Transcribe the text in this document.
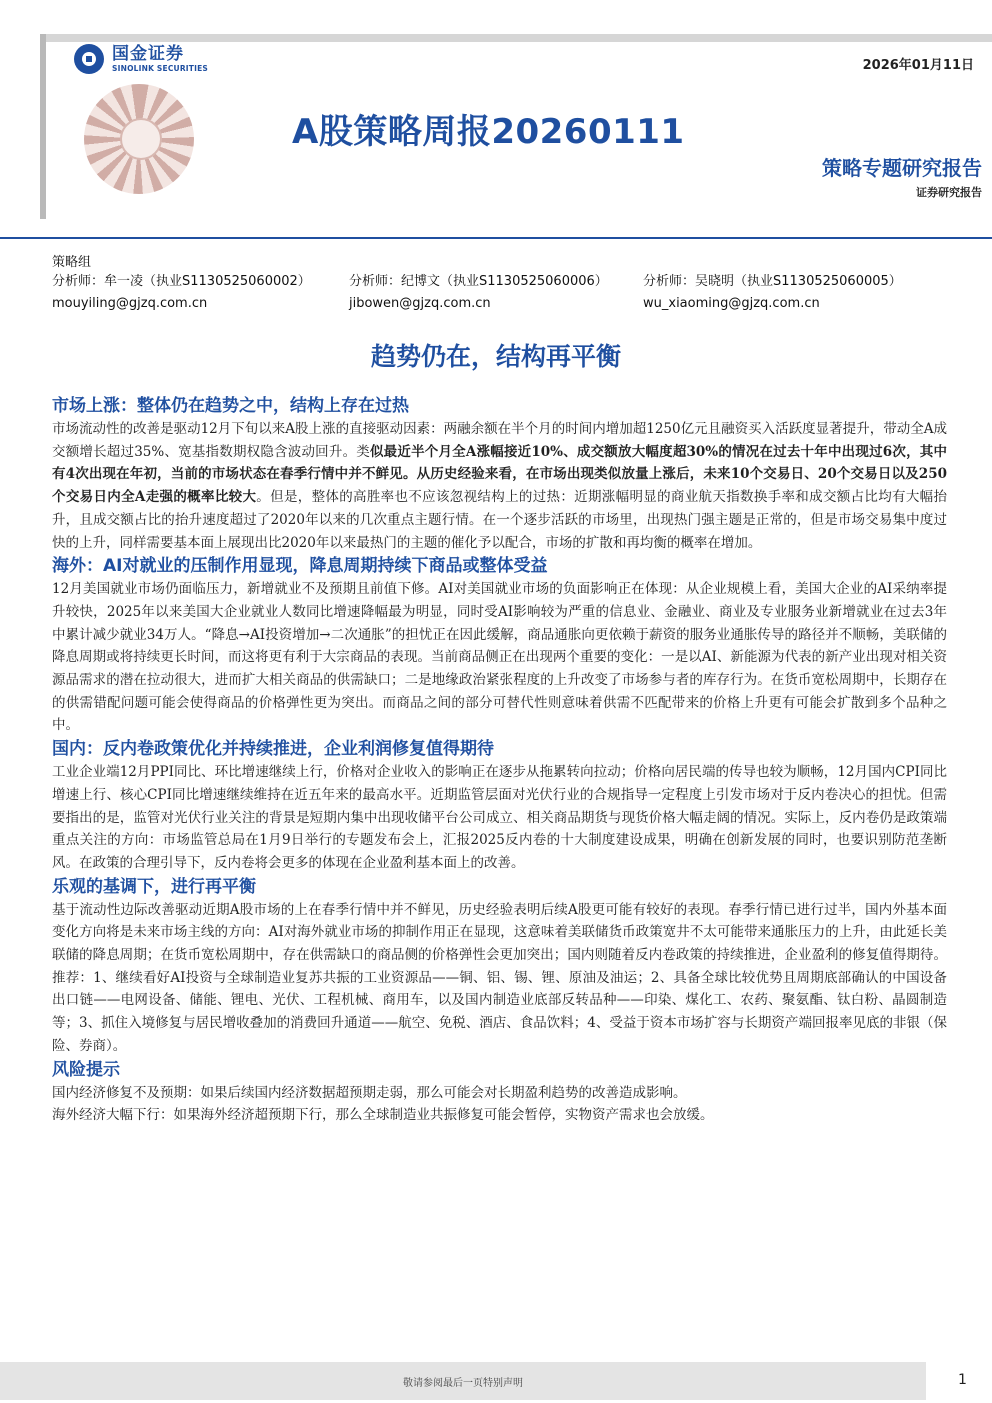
国金证券
SINOLINK SECURITIES	2026年01月11日
A股策略周报20260111
策略专题研究报告
证券研究报告
策略组
分析师：牟一凌（执业S1130525060002）
mouyiling@gjzq.com.cn
分析师：纪博文（执业S1130525060006）
jibowen@gjzq.com.cn
分析师：吴晓明（执业S1130525060005）
wu_xiaoming@gjzq.com.cn
趋势仍在，结构再平衡
市场上涨：整体仍在趋势之中，结构上存在过热

市场流动性的改善是驱动12月下旬以来A股上涨的直接驱动因素：两融余额在半个月的时间内增加超1250亿元且融资买入活跃度显著提升，带动全A成交额增长超过35%、宽基指数期权隐含波动回升。类似最近半个月全A涨幅接近10%、成交额放大幅度超30%的情况在过去十年中出现过6次，其中有4次出现在年初，当前的市场状态在春季行情中并不鲜见。从历史经验来看，在市场出现类似放量上涨后，未来10个交易日、20个交易日以及250个交易日内全A走强的概率比较大。但是，整体的高胜率也不应该忽视结构上的过热：近期涨幅明显的商业航天指数换手率和成交额占比均有大幅抬升，且成交额占比的抬升速度超过了2020年以来的几次重点主题行情。在一个逐步活跃的市场里，出现热门强主题是正常的，但是市场交易集中度过快的上升，同样需要基本面上展现出比2020年以来最热门的主题的催化予以配合，市场的扩散和再均衡的概率在增加。

海外：AI对就业的压制作用显现，降息周期持续下商品或整体受益

12月美国就业市场仍面临压力，新增就业不及预期且前值下修。AI对美国就业市场的负面影响正在体现：从企业规模上看，美国大企业的AI采纳率提升较快，2025年以来美国大企业就业人数同比增速降幅最为明显，同时受AI影响较为严重的信息业、金融业、商业及专业服务业新增就业在过去3年中累计减少就业34万人。“降息→AI投资增加→二次通胀”的担忧正在因此缓解，商品通胀向更依赖于薪资的服务业通胀传导的路径并不顺畅，美联储的降息周期或将持续更长时间，而这将更有利于大宗商品的表现。当前商品侧正在出现两个重要的变化：一是以AI、新能源为代表的新产业出现对相关资源品需求的潜在拉动很大，进而扩大相关商品的供需缺口；二是地缘政治紧张程度的上升改变了市场参与者的库存行为。在货币宽松周期中，长期存在的供需错配问题可能会使得商品的价格弹性更为突出。而商品之间的部分可替代性则意味着供需不匹配带来的价格上升更有可能会扩散到多个品种之中。

国内：反内卷政策优化并持续推进，企业利润修复值得期待

工业企业端12月PPI同比、环比增速继续上行，价格对企业收入的影响正在逐步从拖累转向拉动；价格向居民端的传导也较为顺畅，12月国内CPI同比增速上行、核心CPI同比增速继续维持在近五年来的最高水平。近期监管层面对光伏行业的合规指导一定程度上引发市场对于反内卷决心的担忧。但需要指出的是，监管对光伏行业关注的背景是短期内集中出现收储平台公司成立、相关商品期货与现货价格大幅走阔的情况。实际上，反内卷仍是政策端重点关注的方向：市场监管总局在1月9日举行的专题发布会上，汇报2025反内卷的十大制度建设成果，明确在创新发展的同时，也要识别防范垄断风。在政策的合理引导下，反内卷将会更多的体现在企业盈利基本面上的改善。

乐观的基调下，进行再平衡

基于流动性边际改善驱动近期A股市场的上在春季行情中并不鲜见，历史经验表明后续A股更可能有较好的表现。春季行情已进行过半，国内外基本面变化方向将是未来市场主线的方向：AI对海外就业市场的抑制作用正在显现，这意味着美联储货币政策宽井不太可能带来通胀压力的上升，由此延长美联储的降息周期；在货币宽松周期中，存在供需缺口的商品侧的价格弹性会更加突出；国内则随着反内卷政策的持续推进，企业盈利的修复值得期待。推荐：1、继续看好AI投资与全球制造业复苏共振的工业资源品——铜、铝、锡、锂、原油及油运；2、具备全球比较优势且周期底部确认的中国设备出口链——电网设备、储能、锂电、光伏、工程机械、商用车，以及国内制造业底部反转品种——印染、煤化工、农药、聚氨酯、钛白粉、晶圆制造等；3、抓住入境修复与居民增收叠加的消费回升通道——航空、免税、酒店、食品饮料；4、受益于资本市场扩容与长期资产端回报率见底的非银（保险、券商）。

风险提示

国内经济修复不及预期：如果后续国内经济数据超预期走弱，那么可能会对长期盈利趋势的改善造成影响。

海外经济大幅下行：如果海外经济超预期下行，那么全球制造业共振修复可能会暂停，实物资产需求也会放缓。

敬请参阅最后一页特别声明	1
